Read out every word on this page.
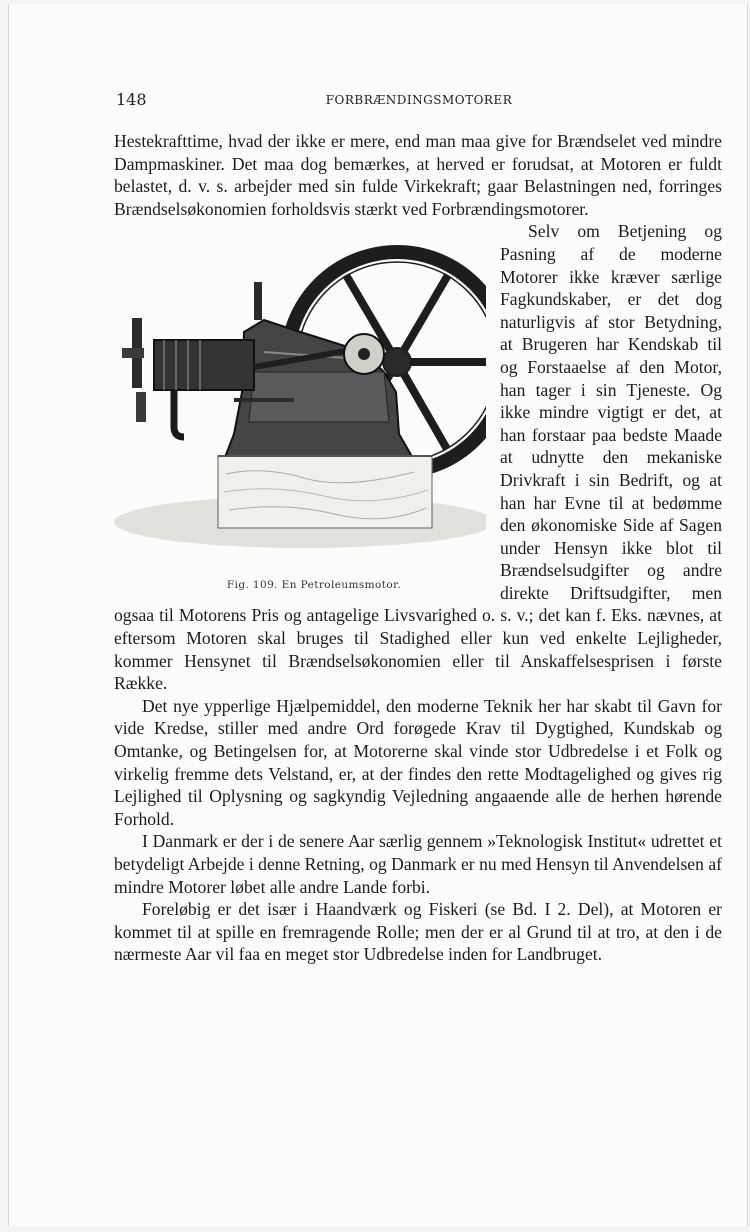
148	FORBRÆNDINGSMOTORER

Hestekrafttime, hvad der ikke er mere, end man maa give for Brændselet ved mindre Dampmaskiner. Det maa dog bemærkes, at herved er forudsat, at Motoren er fuldt belastet, d. v. s. arbejder med sin fulde Virkekraft; gaar Belastningen ned, forringes Brændselsøkonomien forholdsvis stærkt ved Forbrændingsmotorer.

Fig. 109. En Petroleumsmotor.
Selv om Betjening og Pasning af de moderne Motorer ikke kræver særlige Fagkundskaber, er det dog naturligvis af stor Betydning, at Brugeren har Kendskab til og Forstaaelse af den Motor, han tager i sin Tjeneste. Og ikke mindre vigtigt er det, at han forstaar paa bedste Maade at udnytte den mekaniske Drivkraft i sin Bedrift, og at han har Evne til at bedømme den økonomiske Side af Sagen under Hensyn ikke blot til Brændselsudgifter og andre direkte Driftsudgifter, men ogsaa til Motorens Pris og antagelige Livsvarighed o. s. v.; det kan f. Eks. nævnes, at eftersom Motoren skal bruges til Stadighed eller kun ved enkelte Lejligheder, kommer Hensynet til Brændselsøkonomien eller til Anskaffelsesprisen i første Række.

Det nye ypperlige Hjælpemiddel, den moderne Teknik her har skabt til Gavn for vide Kredse, stiller med andre Ord forøgede Krav til Dygtighed, Kundskab og Omtanke, og Betingelsen for, at Motorerne skal vinde stor Udbredelse i et Folk og virkelig fremme dets Velstand, er, at der findes den rette Modtagelighed og gives rig Lejlighed til Oplysning og sagkyndig Vejledning angaaende alle de herhen hørende Forhold.

I Danmark er der i de senere Aar særlig gennem »Teknologisk Institut« udrettet et betydeligt Arbejde i denne Retning, og Danmark er nu med Hensyn til Anvendelsen af mindre Motorer løbet alle andre Lande forbi.

Foreløbig er det især i Haandværk og Fiskeri (se Bd. I 2. Del), at Motoren er kommet til at spille en fremragende Rolle; men der er al Grund til at tro, at den i de nærmeste Aar vil faa en meget stor Udbredelse inden for Landbruget.
